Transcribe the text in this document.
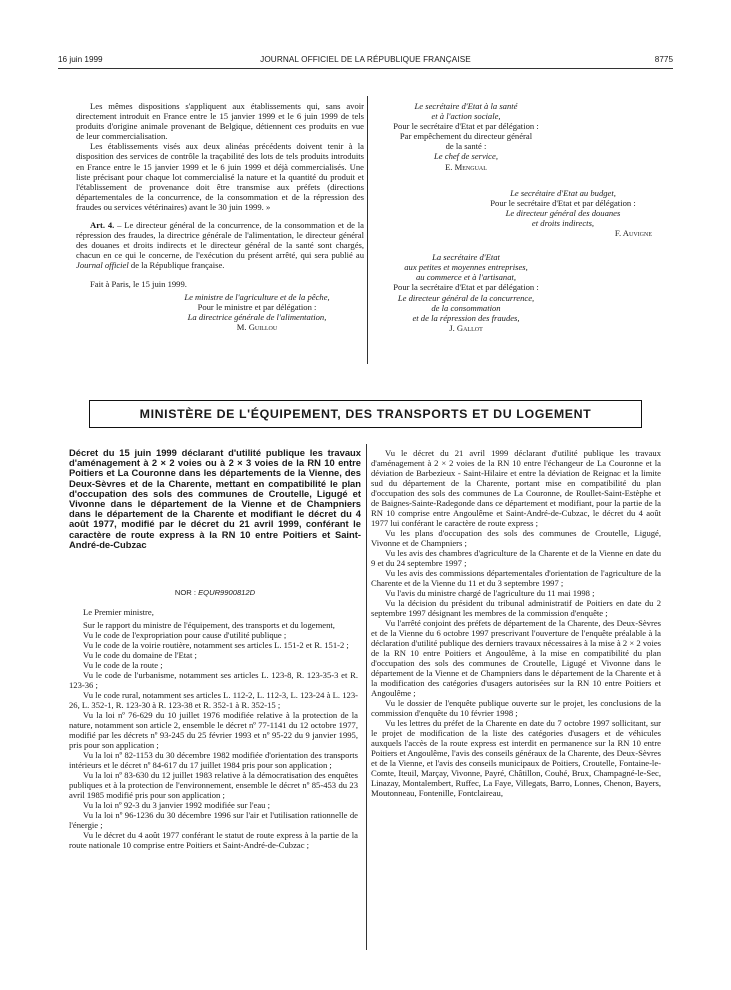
16 juin 1999	JOURNAL OFFICIEL DE LA RÉPUBLIQUE FRANÇAISE	8775

Les mêmes dispositions s'appliquent aux établissements qui, sans avoir directement introduit en France entre le 15 janvier 1999 et le 6 juin 1999 de tels produits d'origine animale provenant de Belgique, détiennent ces produits en vue de leur commercialisation.

Les établissements visés aux deux alinéas précédents doivent tenir à la disposition des services de contrôle la traçabilité des lots de tels produits introduits en France entre le 15 janvier 1999 et le 6 juin 1999 et déjà commercialisés. Une liste précisant pour chaque lot commercialisé la nature et la quantité du produit et l'établissement de provenance doit être transmise aux préfets (directions départementales de la concurrence, de la consommation et de la répression des fraudes ou services vétérinaires) avant le 30 juin 1999. »

Art. 4. – Le directeur général de la concurrence, de la consommation et de la répression des fraudes, la directrice générale de l'alimentation, le directeur général des douanes et droits indirects et le directeur général de la santé sont chargés, chacun en ce qui le concerne, de l'exécution du présent arrêté, qui sera publié au Journal officiel de la République française.

Fait à Paris, le 15 juin 1999.

Le ministre de l'agriculture et de la pêche,
Pour le ministre et par délégation :
La directrice générale de l'alimentation,
M. Guillou
Le secrétaire d'Etat à la santé
et à l'action sociale,
Pour le secrétaire d'Etat et par délégation :
Par empêchement du directeur général
de la santé :
Le chef de service,
E. Mengual
Le secrétaire d'Etat au budget,
Pour le secrétaire d'Etat et par délégation :
Le directeur général des douanes
et droits indirects,
F. Auvigne
La secrétaire d'Etat
aux petites et moyennes entreprises,
au commerce et à l'artisanat,
Pour la secrétaire d'Etat et par délégation :
Le directeur général de la concurrence,
de la consommation
et de la répression des fraudes,
J. Gallot
MINISTÈRE DE L'ÉQUIPEMENT, DES TRANSPORTS ET DU LOGEMENT
Décret du 15 juin 1999 déclarant d'utilité publique les travaux d'aménagement à 2 × 2 voies ou à 2 × 3 voies de la RN 10 entre Poitiers et La Couronne dans les départements de la Vienne, des Deux-Sèvres et de la Charente, mettant en compatibilité le plan d'occupation des sols des communes de Croutelle, Ligugé et Vivonne dans le département de la Vienne et de Champniers dans le département de la Charente et modifiant le décret du 4 août 1977, modifié par le décret du 21 avril 1999, conférant le caractère de route express à la RN 10 entre Poitiers et Saint-André-de-Cubzac
NOR : EQUR9900812D

Le Premier ministre,

Sur le rapport du ministre de l'équipement, des transports et du logement,

Vu le code de l'expropriation pour cause d'utilité publique ;

Vu le code de la voirie routière, notamment ses articles L. 151-2 et R. 151-2 ;

Vu le code du domaine de l'Etat ;

Vu le code de la route ;

Vu le code de l'urbanisme, notamment ses articles L. 123-8, R. 123-35-3 et R. 123-36 ;

Vu le code rural, notamment ses articles L. 112-2, L. 112-3, L. 123-24 à L. 123-26, L. 352-1, R. 123-30 à R. 123-38 et R. 352-1 à R. 352-15 ;

Vu la loi nº 76-629 du 10 juillet 1976 modifiée relative à la protection de la nature, notamment son article 2, ensemble le décret nº 77-1141 du 12 octobre 1977, modifié par les décrets nº 93-245 du 25 février 1993 et nº 95-22 du 9 janvier 1995, pris pour son application ;

Vu la loi nº 82-1153 du 30 décembre 1982 modifiée d'orientation des transports intérieurs et le décret nº 84-617 du 17 juillet 1984 pris pour son application ;

Vu la loi nº 83-630 du 12 juillet 1983 relative à la démocratisation des enquêtes publiques et à la protection de l'environnement, ensemble le décret nº 85-453 du 23 avril 1985 modifié pris pour son application ;

Vu la loi nº 92-3 du 3 janvier 1992 modifiée sur l'eau ;

Vu la loi nº 96-1236 du 30 décembre 1996 sur l'air et l'utilisation rationnelle de l'énergie ;

Vu le décret du 4 août 1977 conférant le statut de route express à la partie de la route nationale 10 comprise entre Poitiers et Saint-André-de-Cubzac ;

Vu le décret du 21 avril 1999 déclarant d'utilité publique les travaux d'aménagement à 2 × 2 voies de la RN 10 entre l'échangeur de La Couronne et la déviation de Barbezieux - Saint-Hilaire et entre la déviation de Reignac et la limite sud du département de la Charente, portant mise en compatibilité du plan d'occupation des sols des communes de La Couronne, de Roullet-Saint-Estèphe et de Baignes-Sainte-Radegonde dans ce département et modifiant, pour la partie de la RN 10 comprise entre Angoulême et Saint-André-de-Cubzac, le décret du 4 août 1977 lui conférant le caractère de route express ;

Vu les plans d'occupation des sols des communes de Croutelle, Ligugé, Vivonne et de Champniers ;

Vu les avis des chambres d'agriculture de la Charente et de la Vienne en date du 9 et du 24 septembre 1997 ;

Vu les avis des commissions départementales d'orientation de l'agriculture de la Charente et de la Vienne du 11 et du 3 septembre 1997 ;

Vu l'avis du ministre chargé de l'agriculture du 11 mai 1998 ;

Vu la décision du président du tribunal administratif de Poitiers en date du 2 septembre 1997 désignant les membres de la commission d'enquête ;

Vu l'arrêté conjoint des préfets de département de la Charente, des Deux-Sèvres et de la Vienne du 6 octobre 1997 prescrivant l'ouverture de l'enquête préalable à la déclaration d'utilité publique des derniers travaux nécessaires à la mise à 2 × 2 voies de la RN 10 entre Poitiers et Angoulême, à la mise en compatibilité du plan d'occupation des sols des communes de Croutelle, Ligugé et Vivonne dans le département de la Vienne et de Champniers dans le département de la Charente et à la modification des catégories d'usagers autorisées sur la RN 10 entre Poitiers et Angoulême ;

Vu le dossier de l'enquête publique ouverte sur le projet, les conclusions de la commission d'enquête du 10 février 1998 ;

Vu les lettres du préfet de la Charente en date du 7 octobre 1997 sollicitant, sur le projet de modification de la liste des catégories d'usagers et de véhicules auxquels l'accès de la route express est interdit en permanence sur la RN 10 entre Poitiers et Angoulême, l'avis des conseils généraux de la Charente, des Deux-Sèvres et de la Vienne, et l'avis des conseils municipaux de Poitiers, Croutelle, Fontaine-le-Comte, Iteuil, Marçay, Vivonne, Payré, Châtillon, Couhé, Brux, Champagné-le-Sec, Linazay, Montalembert, Ruffec, La Faye, Villegats, Barro, Lonnes, Chenon, Bayers, Moutonneau, Fontenille, Fontclaireau,
